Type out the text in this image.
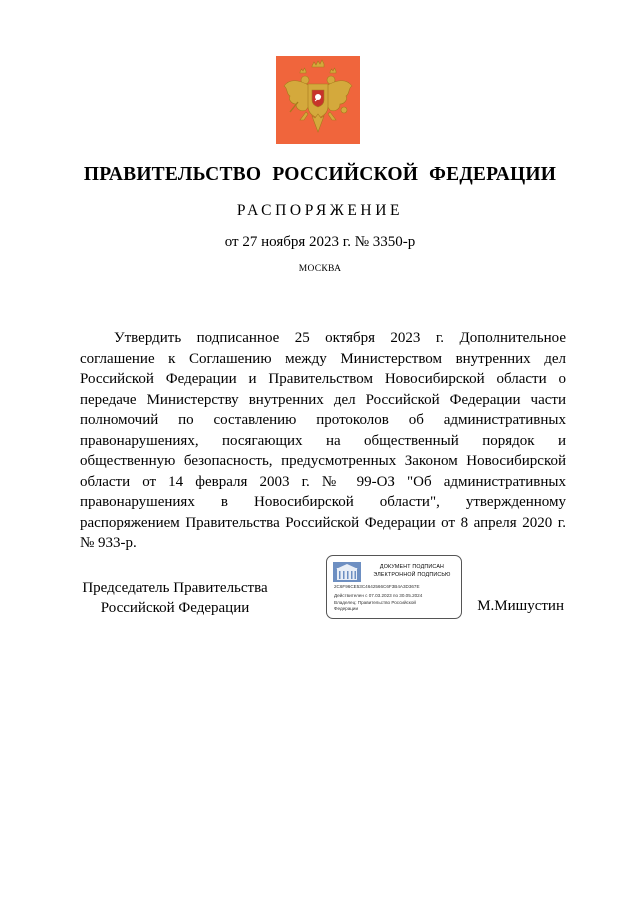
ПРАВИТЕЛЬСТВО РОССИЙСКОЙ ФЕДЕРАЦИИ
РАСПОРЯЖЕНИЕ
от 27 ноября 2023 г. № 3350-р
МОСКВА
Утвердить подписанное 25 октября 2023 г. Дополнительное соглашение к Соглашению между Министерством внутренних дел Российской Федерации и Правительством Новосибирской области о передаче Министерству внутренних дел Российской Федерации части полномочий по составлению протоколов об административных правонарушениях, посягающих на общественный порядок и общественную безопасность, предусмотренных Законом Новосибирской области от 14 февраля 2003 г. № 99-ОЗ "Об административных правонарушениях в Новосибирской области", утвержденному распоряжением Правительства Российской Федерации от 8 апреля 2020 г. № 933-р.
Председатель Правительства
Российской Федерации
ДОКУМЕНТ ПОДПИСАН
ЭЛЕКТРОННОЙ ПОДПИСЬЮ
2C6F96CE53C4642566C6F3B4A3D367E
Действителен с 07.03.2023 по 30.05.2024
Владелец: Правительство Российской
Федерации	М.Мишустин
